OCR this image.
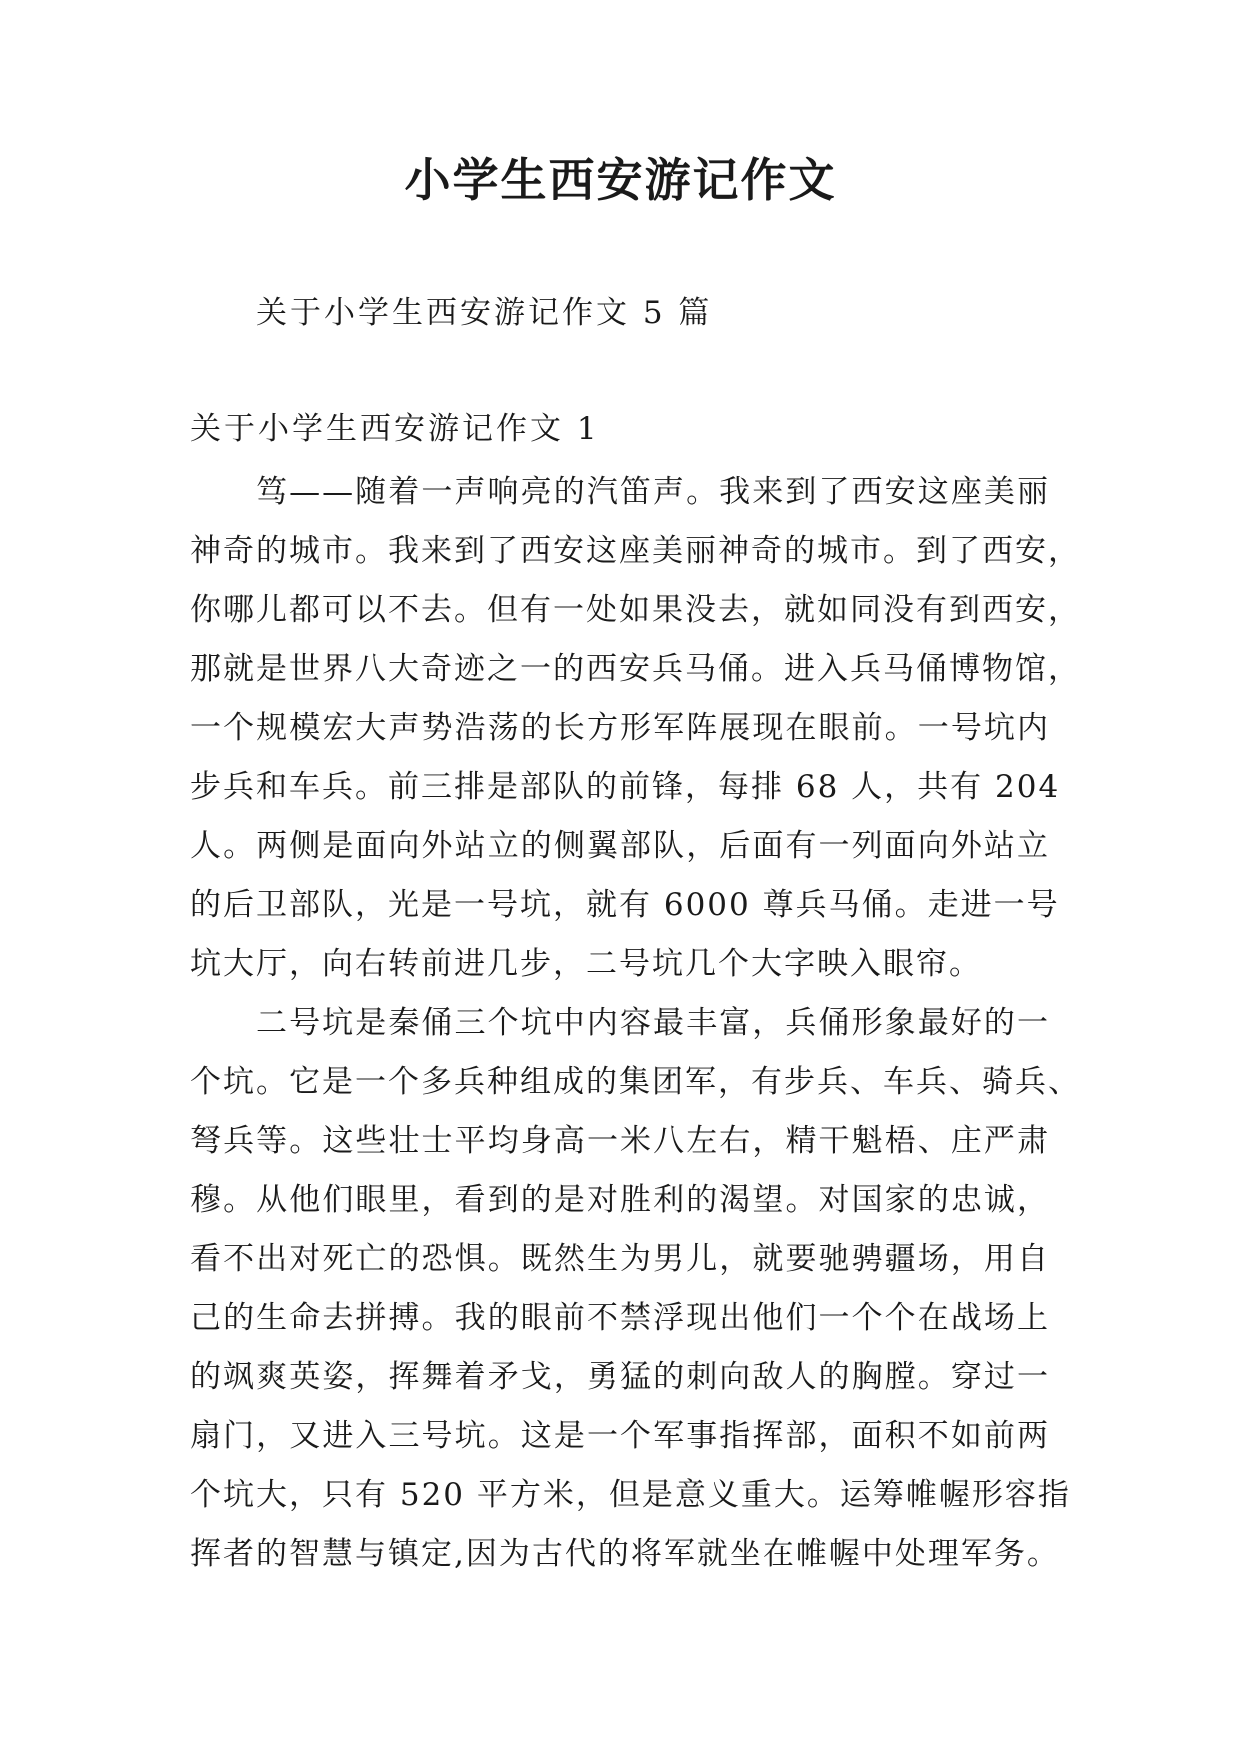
小学生西安游记作文

关于小学生西安游记作文 5 篇

关于小学生西安游记作文 1

笃——随着一声响亮的汽笛声。我来到了西安这座美丽
神奇的城市。我来到了西安这座美丽神奇的城市。到了西安，
你哪儿都可以不去。但有一处如果没去，就如同没有到西安，
那就是世界八大奇迹之一的西安兵马俑。进入兵马俑博物馆，
一个规模宏大声势浩荡的长方形军阵展现在眼前。一号坑内
步兵和车兵。前三排是部队的前锋，每排 68 人，共有 204
人。两侧是面向外站立的侧翼部队，后面有一列面向外站立
的后卫部队，光是一号坑，就有 6000 尊兵马俑。走进一号
坑大厅，向右转前进几步，二号坑几个大字映入眼帘。
二号坑是秦俑三个坑中内容最丰富，兵俑形象最好的一
个坑。它是一个多兵种组成的集团军，有步兵、车兵、骑兵、
弩兵等。这些壮士平均身高一米八左右，精干魁梧、庄严肃
穆。从他们眼里，看到的是对胜利的渴望。对国家的忠诚，
看不出对死亡的恐惧。既然生为男儿，就要驰骋疆场，用自
己的生命去拼搏。我的眼前不禁浮现出他们一个个在战场上
的飒爽英姿，挥舞着矛戈，勇猛的刺向敌人的胸膛。穿过一
扇门，又进入三号坑。这是一个军事指挥部，面积不如前两
个坑大，只有 520 平方米，但是意义重大。运筹帷幄形容指
挥者的智慧与镇定,因为古代的将军就坐在帷幄中处理军务。
